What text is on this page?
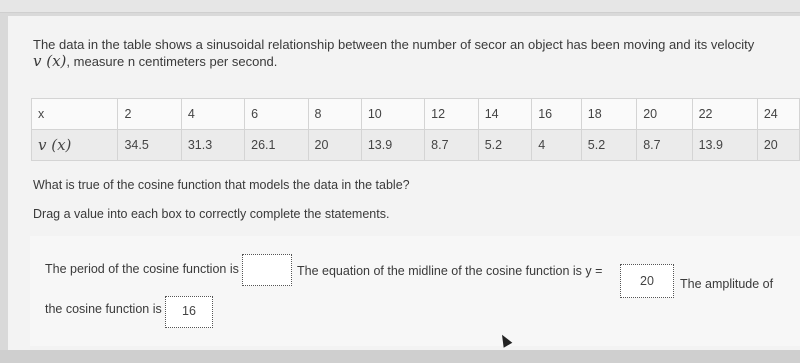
The data in the table shows a sinusoidal relationship between the number of secor an object has been moving and its velocity
v (x), measure n centimeters per second.
x	2	4	6	8	10	12	14	16	18	20	22	24
v (x)	34.5	31.3	26.1	20	13.9	8.7	5.2	4	5.2	8.7	13.9	20
What is true of the cosine function that models the data in the table?
Drag a value into each box to correctly complete the statements.
The period of the cosine function is	The equation of the midline of the cosine function is y =
20	The amplitude of
the cosine function is	16
